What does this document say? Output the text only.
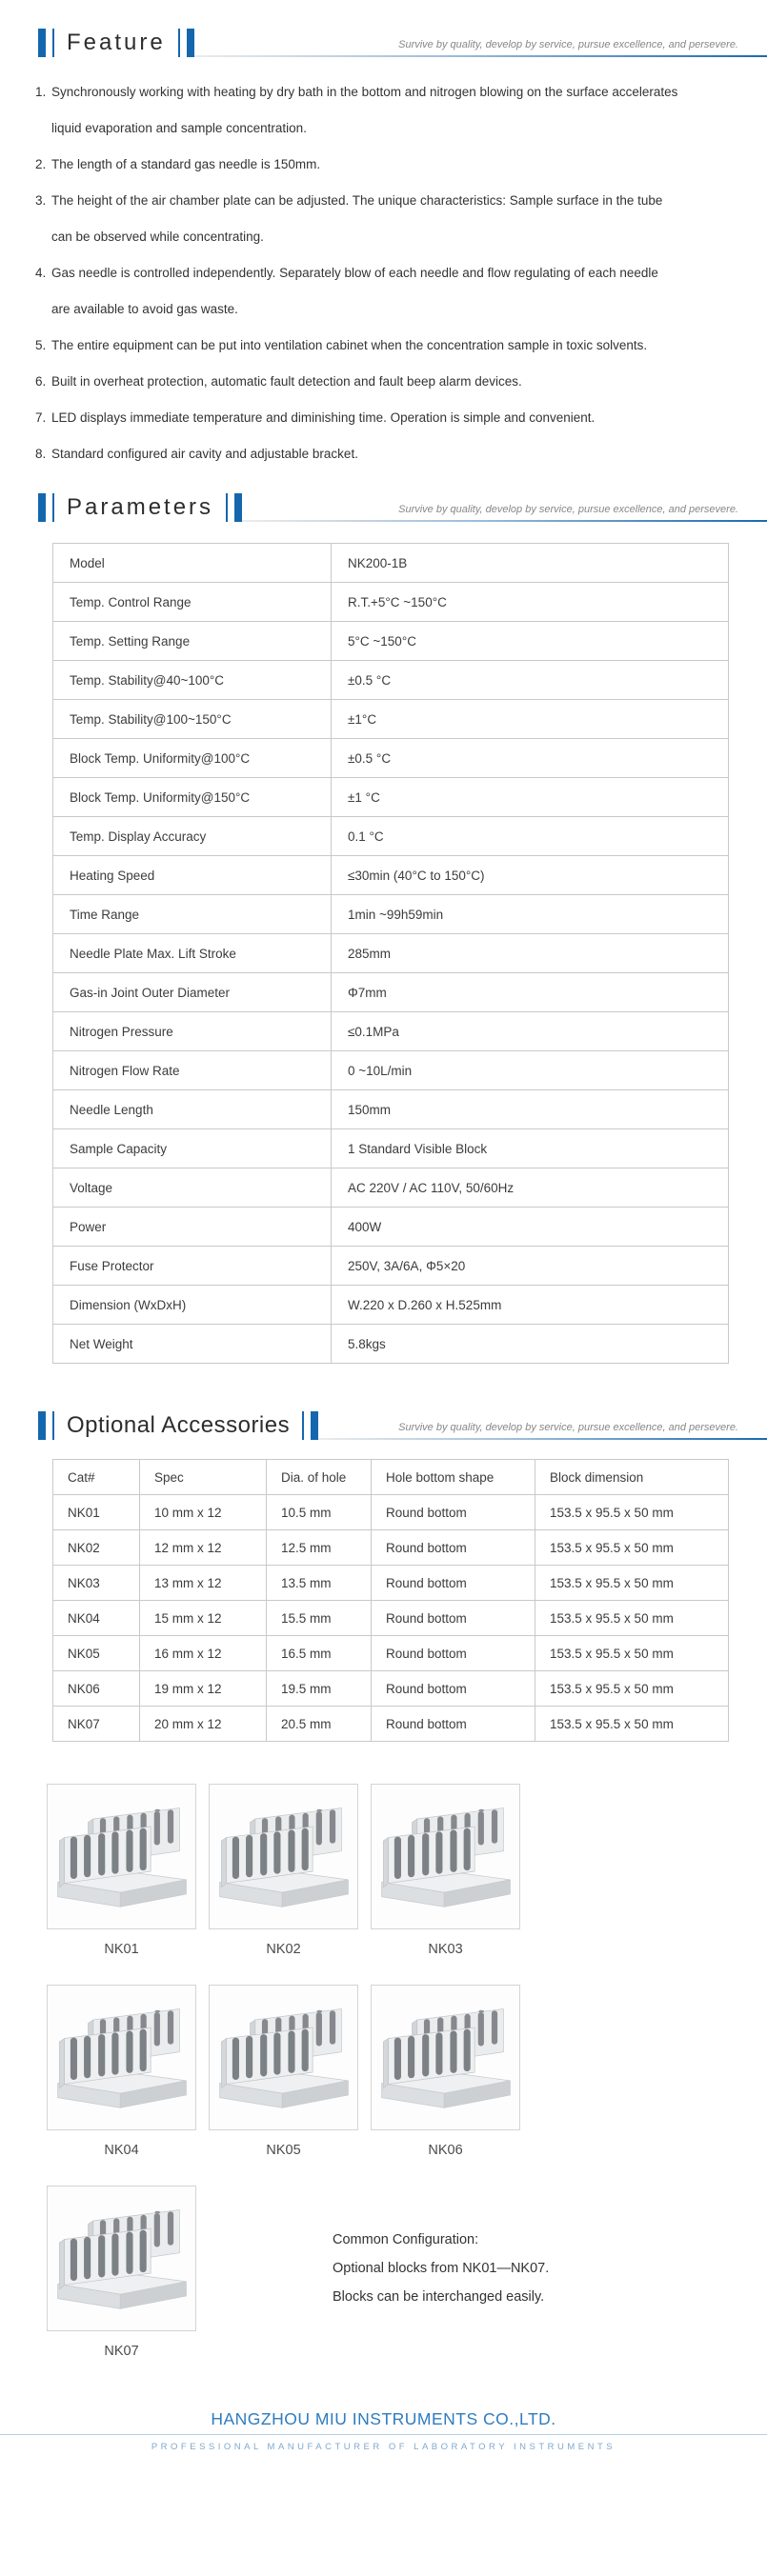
Feature	Survive by quality, develop by service, pursue excellence, and persevere.
1. Synchronously working with heating by dry bath in the bottom and nitrogen blowing on the surface accelerates liquid evaporation and sample concentration.
2. The length of a standard gas needle is 150mm.
3. The height of the air chamber plate can be adjusted. The unique characteristics: Sample surface in the tube can be observed while concentrating.
4. Gas needle is controlled independently. Separately blow of each needle and flow regulating of each needle are available to avoid gas waste.
5. The entire equipment can be put into ventilation cabinet when the concentration sample in toxic solvents.
6. Built in overheat protection, automatic fault detection and fault beep alarm devices.
7. LED displays immediate temperature and diminishing time. Operation is simple and convenient.
8. Standard configured air cavity and adjustable bracket.
Parameters	Survive by quality, develop by service, pursue excellence, and persevere.
Model	NK200-1B
Temp. Control Range	R.T.+5°C ~150°C
Temp. Setting Range	5°C ~150°C
Temp. Stability@40~100°C	±0.5 °C
Temp. Stability@100~150°C	±1°C
Block Temp. Uniformity@100°C	±0.5 °C
Block Temp. Uniformity@150°C	±1 °C
Temp. Display Accuracy	0.1 °C
Heating Speed	≤30min (40°C to 150°C)
Time Range	1min ~99h59min
Needle Plate Max. Lift Stroke	285mm
Gas-in Joint Outer Diameter	Φ7mm
Nitrogen Pressure	≤0.1MPa
Nitrogen Flow Rate	0 ~10L/min
Needle Length	150mm
Sample Capacity	1 Standard Visible Block
Voltage	AC 220V / AC 110V, 50/60Hz
Power	400W
Fuse Protector	250V, 3A/6A, Φ5×20
Dimension (WxDxH)	W.220 x D.260 x H.525mm
Net Weight	5.8kgs
Optional Accessories	Survive by quality, develop by service, pursue excellence, and persevere.
Cat#	Spec	Dia. of hole	Hole bottom shape	Block dimension
NK01	10 mm x 12	10.5 mm	Round bottom	153.5 x 95.5 x 50 mm
NK02	12 mm x 12	12.5 mm	Round bottom	153.5 x 95.5 x 50 mm
NK03	13 mm x 12	13.5 mm	Round bottom	153.5 x 95.5 x 50 mm
NK04	15 mm x 12	15.5 mm	Round bottom	153.5 x 95.5 x 50 mm
NK05	16 mm x 12	16.5 mm	Round bottom	153.5 x 95.5 x 50 mm
NK06	19 mm x 12	19.5 mm	Round bottom	153.5 x 95.5 x 50 mm
NK07	20 mm x 12	20.5 mm	Round bottom	153.5 x 95.5 x 50 mm
NK01	NK02	NK03
NK04	NK05	NK06
NK07
Common Configuration:
Optional blocks from NK01—NK07.
Blocks can be interchanged easily.
HANGZHOU MIU INSTRUMENTS CO.,LTD.
PROFESSIONAL MANUFACTURER OF LABORATORY INSTRUMENTS
